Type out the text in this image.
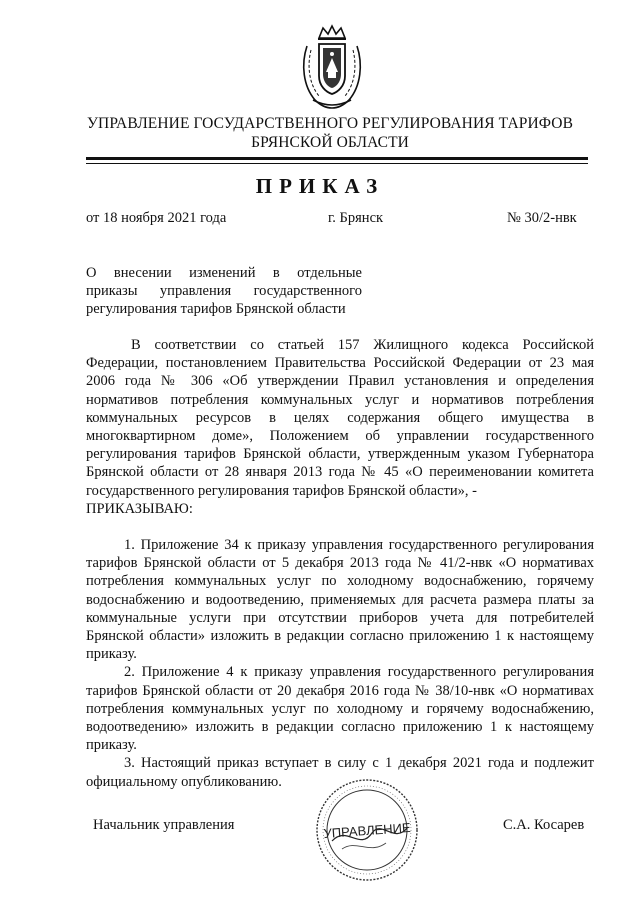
УПРАВЛЕНИЕ ГОСУДАРСТВЕННОГО РЕГУЛИРОВАНИЯ ТАРИФОВ
БРЯНСКОЙ ОБЛАСТИ
ПРИКАЗ
от 18 ноября 2021 года	г. Брянск	№ 30/2-нвк
О внесении изменений в отдельные
приказы управления государственного
регулирования тарифов Брянской области

В соответствии со статьей 157 Жилищного кодекса Российской Федерации, постановлением Правительства Российской Федерации от 23 мая 2006 года № 306 «Об утверждении Правил установления и определения нормативов потребления коммунальных услуг и нормативов потребления коммунальных ресурсов в целях содержания общего имущества в многоквартирном доме», Положением об управлении государственного регулирования тарифов Брянской области, утвержденным указом Губернатора Брянской области от 28 января 2013 года № 45 «О переименовании комитета государственного регулирования тарифов Брянской области», -

ПРИКАЗЫВАЮ:

1. Приложение 34 к приказу управления государственного регулирования тарифов Брянской области от 5 декабря 2013 года № 41/2-нвк «О нормативах потребления коммунальных услуг по холодному водоснабжению, горячему водоснабжению и водоотведению, применяемых для расчета размера платы за коммунальные услуги при отсутствии приборов учета для потребителей Брянской области» изложить в редакции согласно приложению 1 к настоящему приказу.

2. Приложение 4 к приказу управления государственного регулирования тарифов Брянской области от 20 декабря 2016 года № 38/10-нвк «О нормативах потребления коммунальных услуг по холодному и горячему водоснабжению, водоотведению» изложить в редакции согласно приложению 1 к настоящему приказу.

3. Настоящий приказ вступает в силу с 1 декабря 2021 года и подлежит официальному опубликованию.

Начальник управления	С.А. Косарев
УПРАВЛЕНИЕ
